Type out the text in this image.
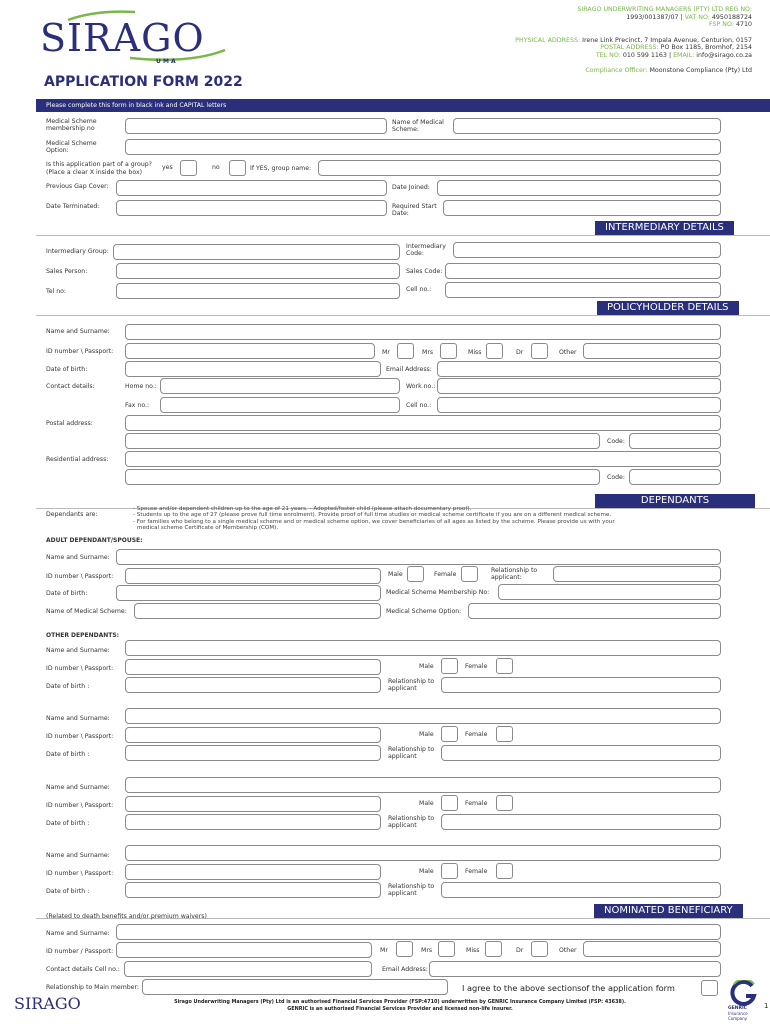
SIRAGO
U M A
SIRAGO UNDERWRITING MANAGERS (PTY) LTD REG NO:
1993/001387/07 | VAT NO: 4950188724
FSP NO: 4710
PHYSICAL ADDRESS: Irene Link Precinct, 7 Impala Avenue, Centurion, 0157
POSTAL ADDRESS: PO Box 1185, Bromhof, 2154
TEL NO: 010 599 1163 | EMAIL: info@sirago.co.za
Compliance Officer: Moonstone Compliance (Pty) Ltd
APPLICATION FORM 2022
Please complete this form in black ink and CAPITAL letters
Medical Scheme membership no
Name of Medical Scheme:
Medical Scheme Option:
Is this application part of a group?
(Place a clear X inside the box)
yes	no	If YES, group name:
Previous Gap Cover:	Date Joined:
Date Terminated:	Required Start Date:
INTERMEDIARY DETAILS
Intermediary Group:
Intermediary Code:
Sales Person:	Sales Code:
Tel no:	Cell no.:
POLICYHOLDER DETAILS
Name and Surname:
ID number \ Passport:	Mr	Mrs	Miss	Dr	Other
Date of birth:	Email Address:
Contact details:	Home no.:	Work no.:
Fax no.:	Cell no.:
Postal address:
Code:
Residential address:
Code:
DEPENDANTS
Dependants are:
- Spouse and/or dependent children up to the age of 21 years. - Adopted/foster child (please attach documentary proof).
- Students up to the age of 27 (please prove full time enrolment). Provide proof of full time studies or medical scheme certificate if you are on a different medical scheme.
- For families who belong to a single medical scheme and or medical scheme option, we cover beneficiaries of all ages as listed by the scheme. Please provide us with your
medical scheme Certificate of Membership (COM).
ADULT DEPENDANT/SPOUSE:
Name and Surname:
ID number \ Passport:	Male	Female
Relationship to applicant:
Date of birth:	Medical Scheme Membership No:
Name of Medical Scheme:	Medical Scheme Option:
OTHER DEPENDANTS:
Name and Surname:
ID number \ Passport:	Male	Female
Date of birth :
Relationship to applicant
Name and Surname:
ID number \ Passport:	Male	Female
Date of birth :
Relationship to applicant
Name and Surname:
ID number \ Passport:	Male	Female
Date of birth :
Relationship to applicant
Name and Surname:
ID number \ Passport:	Male	Female
Date of birth :
Relationship to applicant
NOMINATED BENEFICIARY
(Related to death benefits and/or premium waivers)
Name and Surname:
ID number / Passport:	Mr	Mrs	Miss	Dr	Other
Contact details Cell no.:	Email Address:
Relationship to Main member:	I agree to the above sectionsof the application form
SIRAGO	Sirago Underwriting Managers (Pty) Ltd is an authorised Financial Services Provider (FSP:4710) underwritten by GENRIC Insurance Company Limited (FSP: 43638).
GENRIC is an authorised Financial Services Provider and licensed non-life insurer.	GENRIC
Insurance Company
1
